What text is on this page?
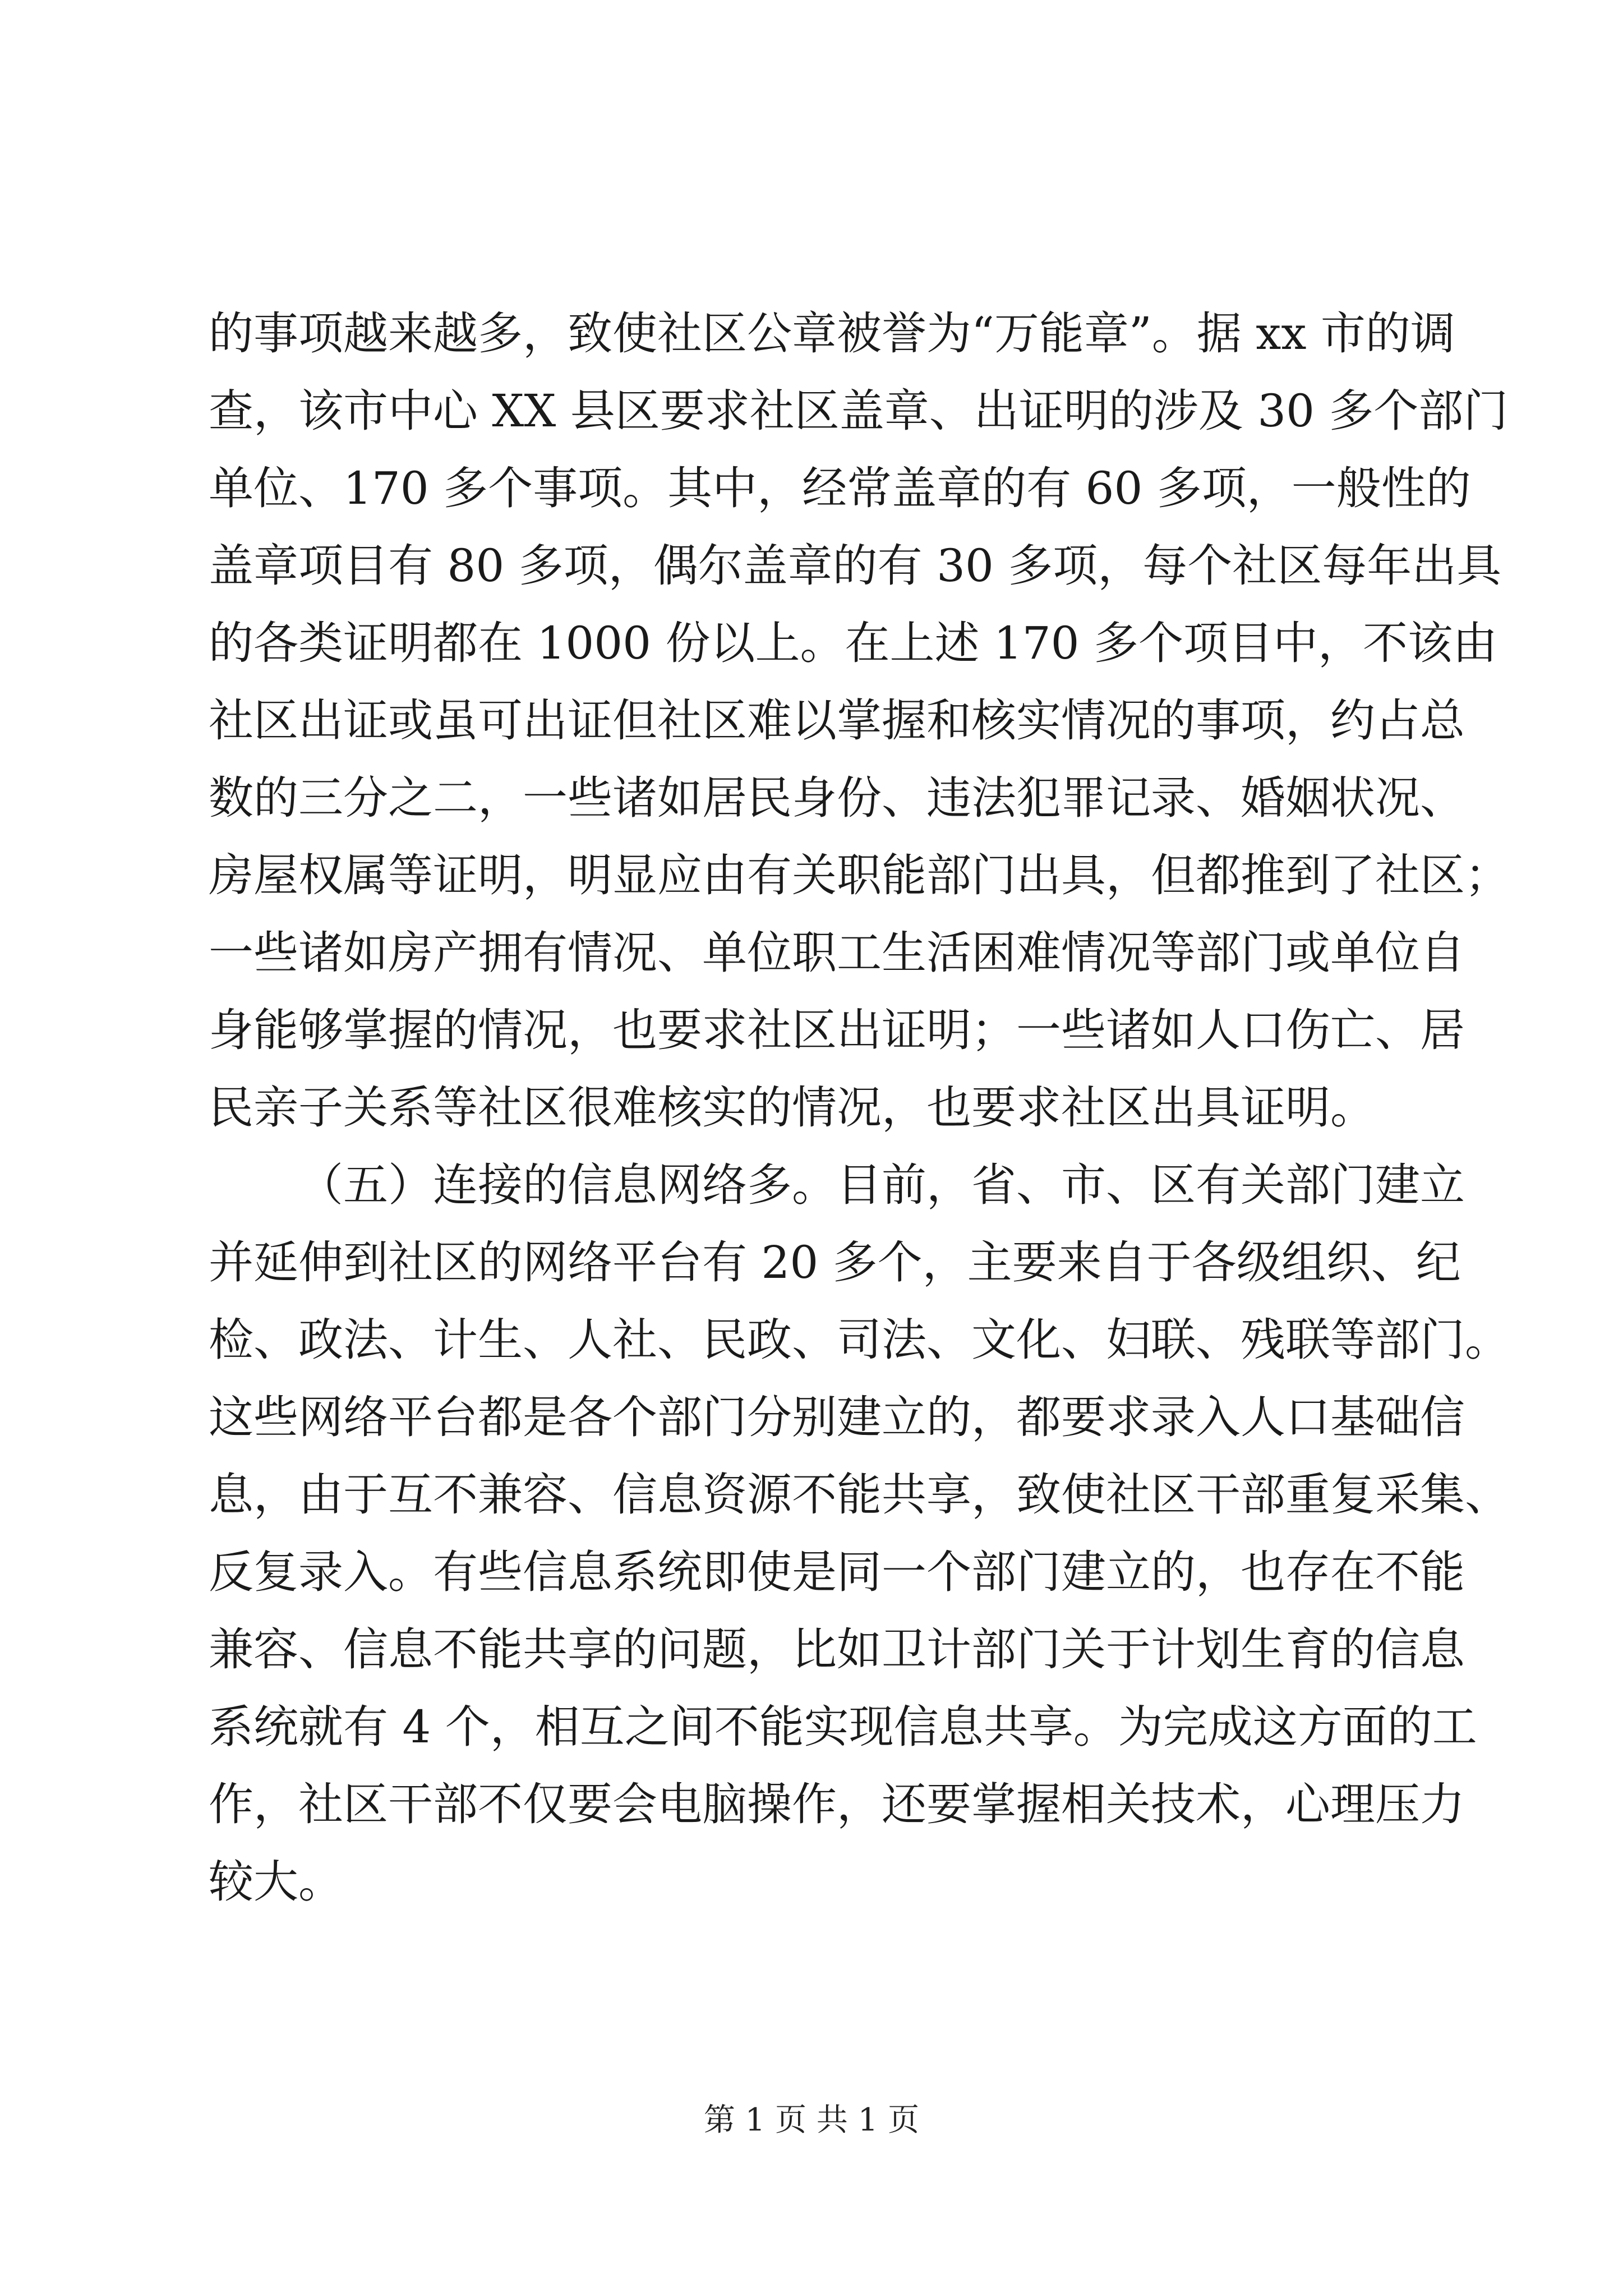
的事项越来越多，致使社区公章被誉为“万能章”。据 xx 市的调
查，该市中心 XX 县区要求社区盖章、出证明的涉及 30 多个部门
单位、170 多个事项。其中，经常盖章的有 60 多项，一般性的
盖章项目有 80 多项，偶尔盖章的有 30 多项，每个社区每年出具
的各类证明都在 1000 份以上。在上述 170 多个项目中，不该由
社区出证或虽可出证但社区难以掌握和核实情况的事项，约占总
数的三分之二，一些诸如居民身份、违法犯罪记录、婚姻状况、
房屋权属等证明，明显应由有关职能部门出具，但都推到了社区；
一些诸如房产拥有情况、单位职工生活困难情况等部门或单位自
身能够掌握的情况，也要求社区出证明；一些诸如人口伤亡、居
民亲子关系等社区很难核实的情况，也要求社区出具证明。
（五）连接的信息网络多。目前，省、市、区有关部门建立
并延伸到社区的网络平台有 20 多个，主要来自于各级组织、纪
检、政法、计生、人社、民政、司法、文化、妇联、残联等部门。
这些网络平台都是各个部门分别建立的，都要求录入人口基础信
息，由于互不兼容、信息资源不能共享，致使社区干部重复采集、
反复录入。有些信息系统即使是同一个部门建立的，也存在不能
兼容、信息不能共享的问题，比如卫计部门关于计划生育的信息
系统就有 4 个，相互之间不能实现信息共享。为完成这方面的工
作，社区干部不仅要会电脑操作，还要掌握相关技术，心理压力
较大。
第 1 页 共 1 页
